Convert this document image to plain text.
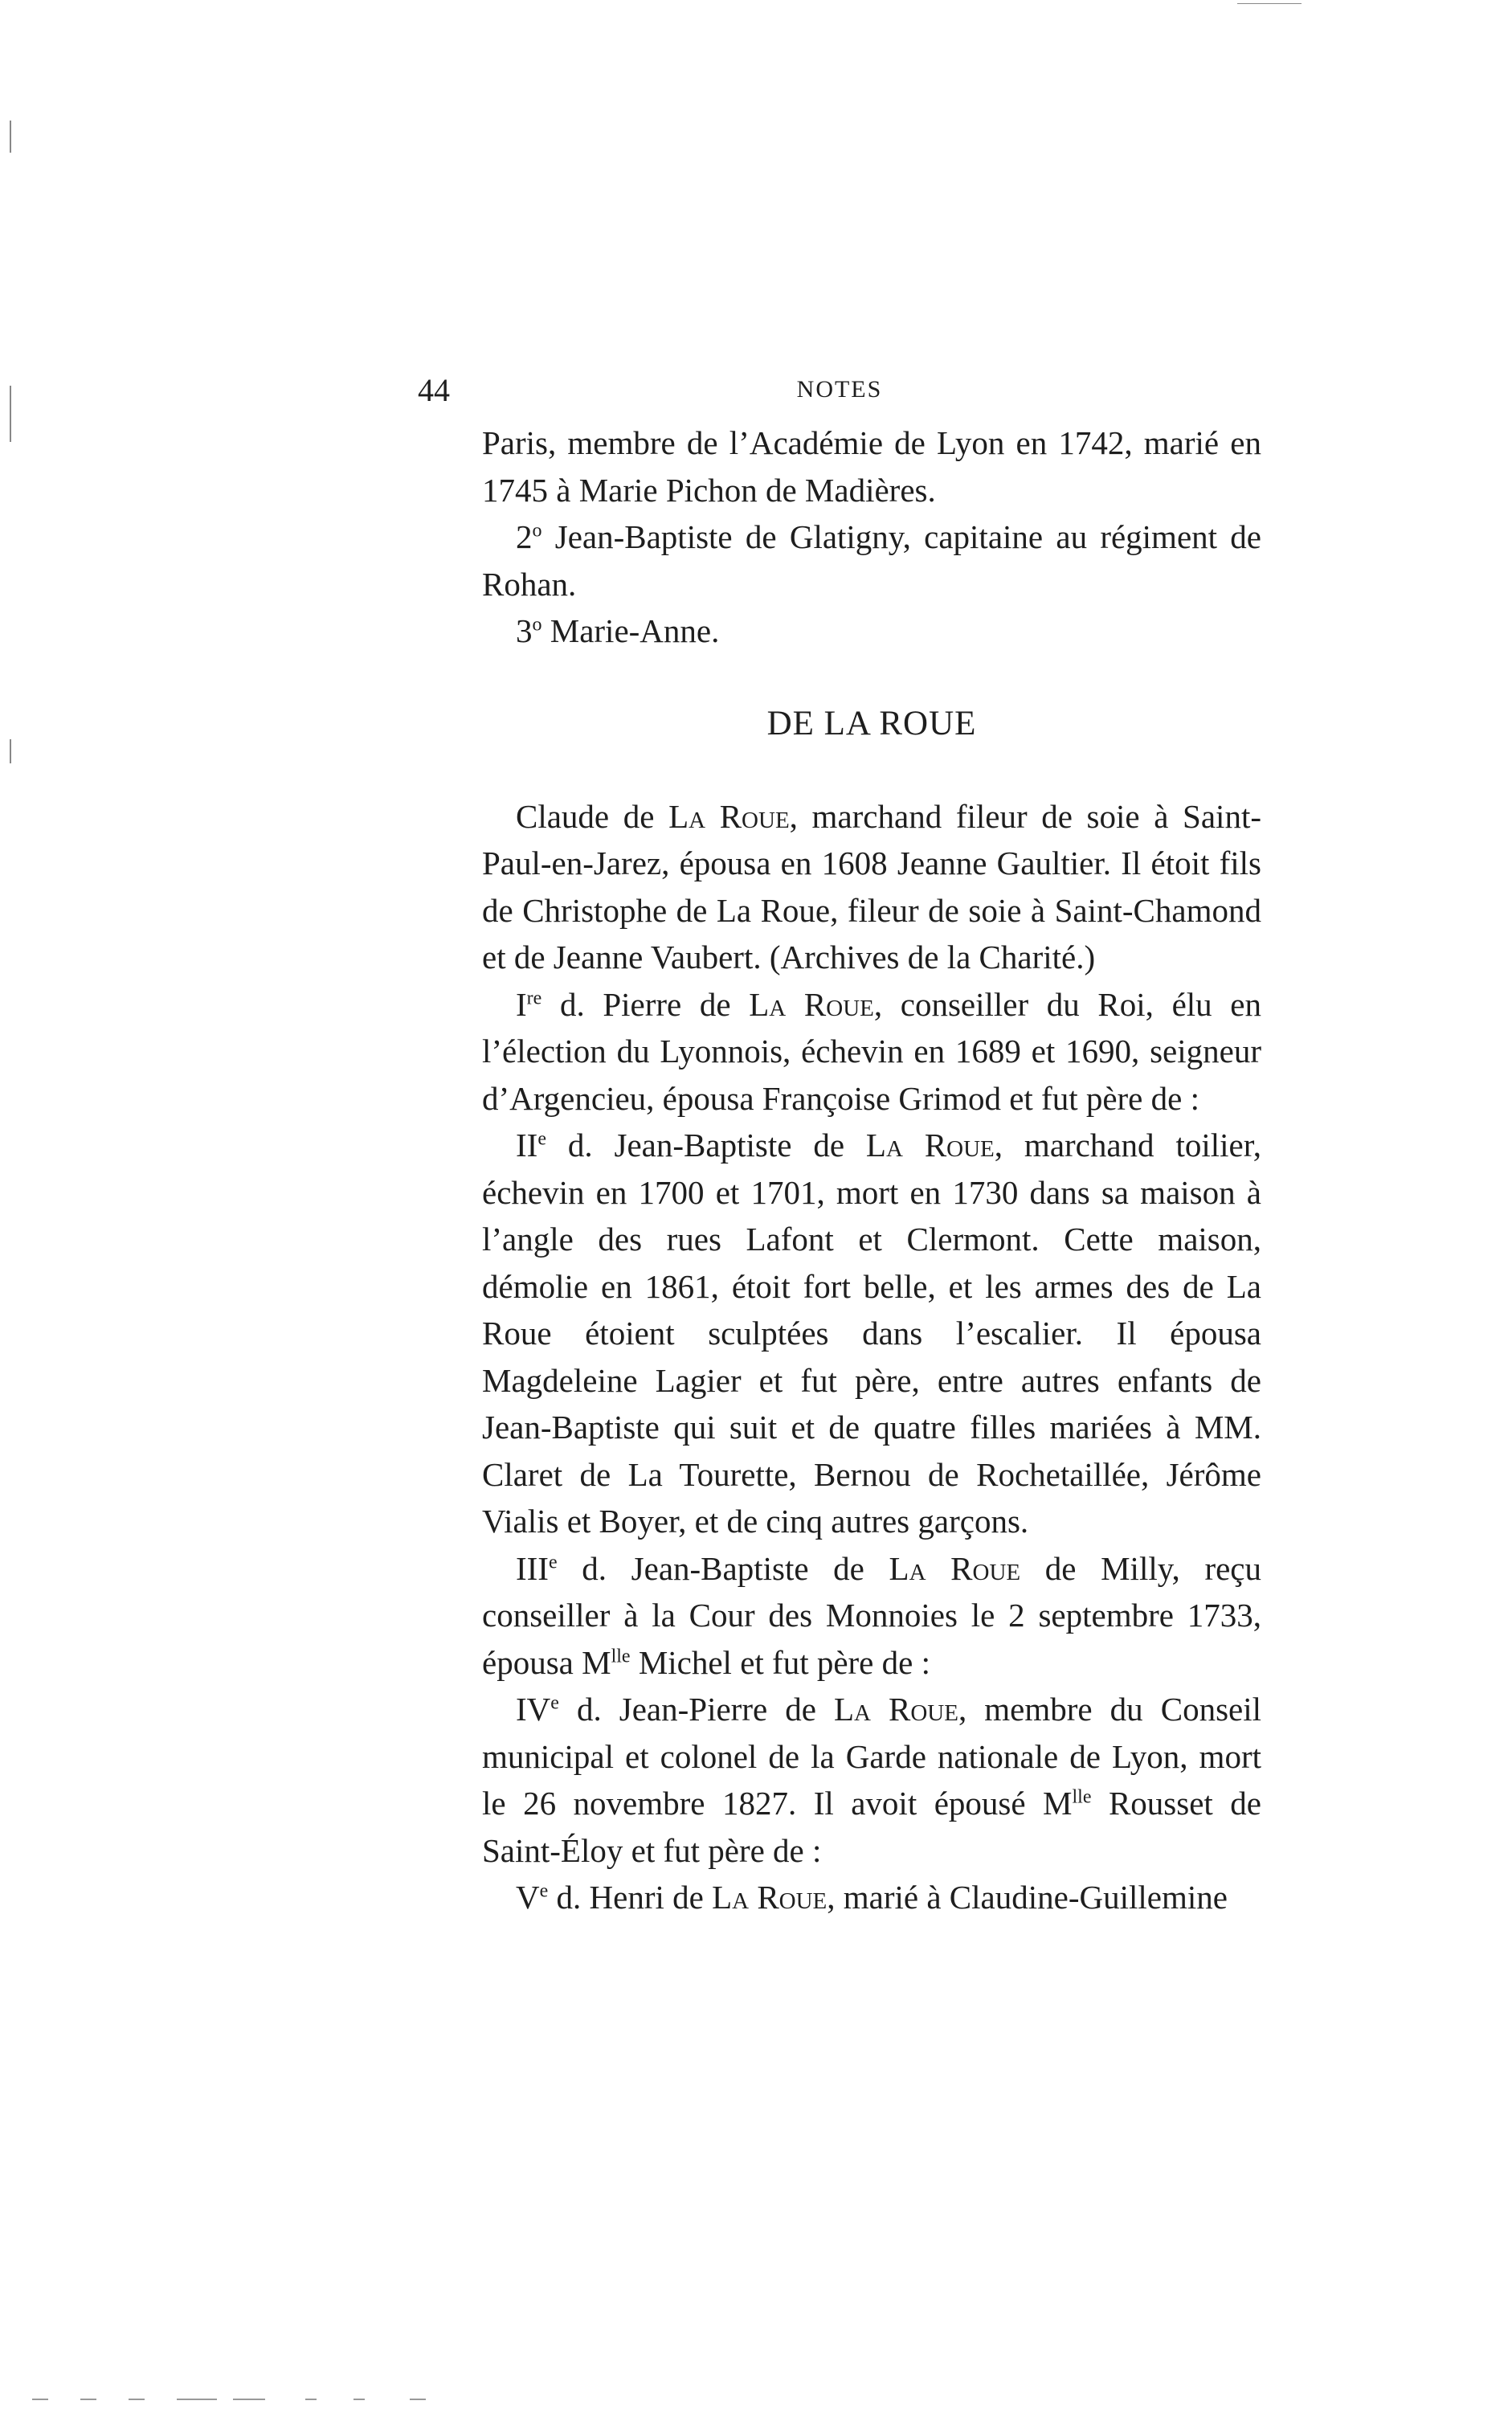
44	NOTES

Paris, membre de l’Académie de Lyon en 1742, marié en 1745 à Marie Pichon de Madières.

2$^o$ Jean-Baptiste de Glatigny, capitaine au régiment de Rohan.

3$^o$ Marie-Anne.

DE LA ROUE

Claude de La Roue, marchand fileur de soie à Saint-Paul-en-Jarez, épousa en 1608 Jeanne Gaultier. Il étoit fils de Christophe de La Roue, fileur de soie à Saint-Chamond et de Jeanne Vaubert. (Archives de la Charité.)

Ire d. Pierre de La Roue, conseiller du Roi, élu en l’élection du Lyonnois, échevin en 1689 et 1690, seigneur d’Argencieu, épousa Françoise Grimod et fut père de :

IIe d. Jean-Baptiste de La Roue, marchand toilier, échevin en 1700 et 1701, mort en 1730 dans sa maison à l’angle des rues Lafont et Clermont. Cette maison, démolie en 1861, étoit fort belle, et les armes des de La Roue étoient sculptées dans l’escalier. Il épousa Magdeleine Lagier et fut père, entre autres enfants de Jean-Baptiste qui suit et de quatre filles mariées à MM. Claret de La Tourette, Bernou de Rochetaillée, Jérôme Vialis et Boyer, et de cinq autres garçons.

IIIe d. Jean-Baptiste de La Roue de Milly, reçu conseiller à la Cour des Monnoies le 2 septembre 1733, épousa $M^{lle}$ Michel et fut père de :

IVe d. Jean-Pierre de La Roue, membre du Conseil municipal et colonel de la Garde nationale de Lyon, mort le 26 novembre 1827. Il avoit épousé $M^{lle}$ Rousset de Saint-Éloy et fut père de :

Ve d. Henri de La Roue, marié à Claudine-Guillemine
